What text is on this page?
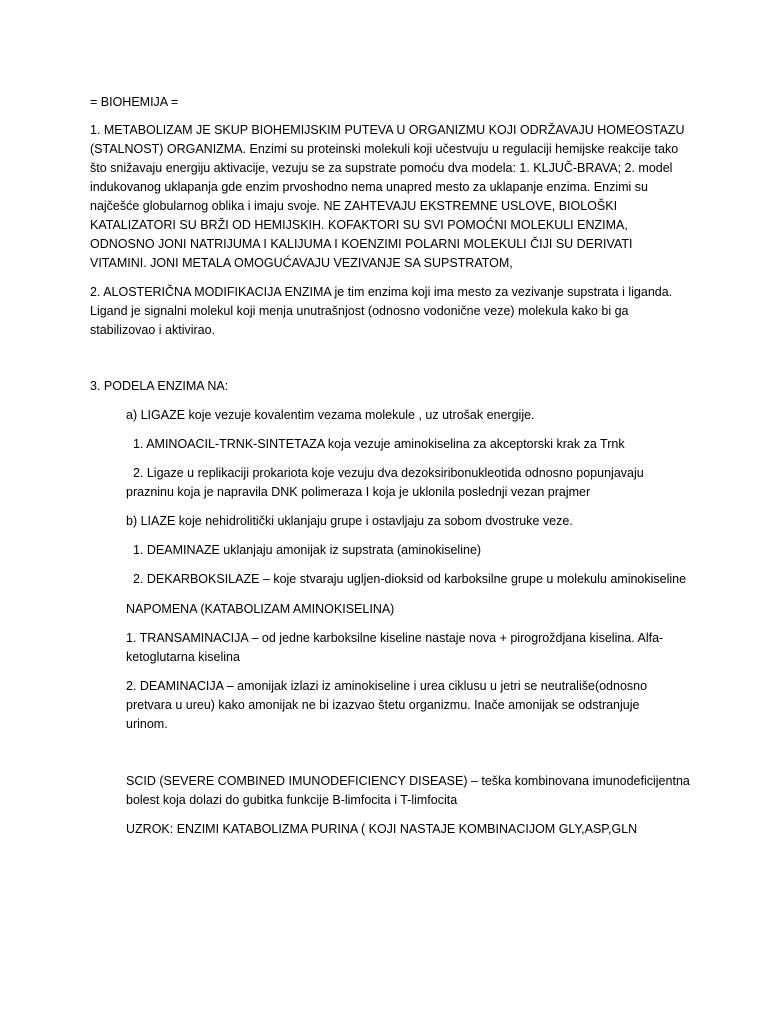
= BIOHEMIJA =

1. METABOLIZAM JE SKUP BIOHEMIJSKIM PUTEVA U ORGANIZMU KOJI ODRŽAVAJU HOMEOSTAZU (STALNOST) ORGANIZMA. Enzimi su proteinski molekuli koji učestvuju u regulaciji hemijske reakcije tako što snižavaju energiju aktivacije, vezuju se za supstrate pomoću dva modela: 1. KLJUČ-BRAVA; 2. model indukovanog uklapanja gde enzim prvoshodno nema unapred mesto za uklapanje enzima. Enzimi su najčešće globularnog oblika i imaju svoje. NE ZAHTEVAJU EKSTREMNE USLOVE, BIOLOŠKI KATALIZATORI SU BRŽI OD HEMIJSKIH. KOFAKTORI SU SVI POMOĆNI MOLEKULI ENZIMA, ODNOSNO JONI NATRIJUMA I KALIJUMA I KOENZIMI POLARNI MOLEKULI ČIJI SU DERIVATI VITAMINI. JONI METALA OMOGUĆAVAJU VEZIVANJE SA SUPSTRATOM,

2. ALOSTERIČNA MODIFIKACIJA ENZIMA je tim enzima koji ima mesto za vezivanje supstrata i liganda. Ligand je signalni molekul koji menja unutrašnjost (odnosno vodonične veze) molekula kako bi ga stabilizovao i aktivirao.

3. PODELA ENZIMA NA:

a) LIGAZE koje vezuje kovalentim vezama molekule , uz utrošak energije.

1. AMINOACIL-TRNK-SINTETAZA koja vezuje aminokiselina za akceptorski krak za Trnk

2. Ligaze u replikaciji prokariota koje vezuju dva dezoksiribonukleotida odnosno popunjavaju prazninu koja je napravila DNK polimeraza I koja je uklonila poslednji vezan prajmer

b) LIAZE koje nehidrolitički uklanjaju grupe i ostavljaju za sobom dvostruke veze.

1. DEAMINAZE uklanjaju amonijak iz supstrata (aminokiseline)

2. DEKARBOKSILAZE – koje stvaraju ugljen-dioksid od karboksilne grupe u molekulu aminokiseline

NAPOMENA (KATABOLIZAM AMINOKISELINA)

1. TRANSAMINACIJA – od jedne karboksilne kiseline nastaje nova + pirogroždjana kiselina. Alfa-ketoglutarna kiselina

2. DEAMINACIJA – amonijak izlazi iz aminokiseline i urea ciklusu u jetri se neutrališe(odnosno pretvara u ureu) kako amonijak ne bi izazvao štetu organizmu. Inače amonijak se odstranjuje urinom.

SCID (SEVERE COMBINED IMUNODEFICIENCY DISEASE) – teška kombinovana imunodeficijentna bolest koja dolazi do gubitka funkcije B-limfocita i T-limfocita

UZROK: ENZIMI KATABOLIZMA PURINA ( KOJI NASTAJE KOMBINACIJOM GLY,ASP,GLN
